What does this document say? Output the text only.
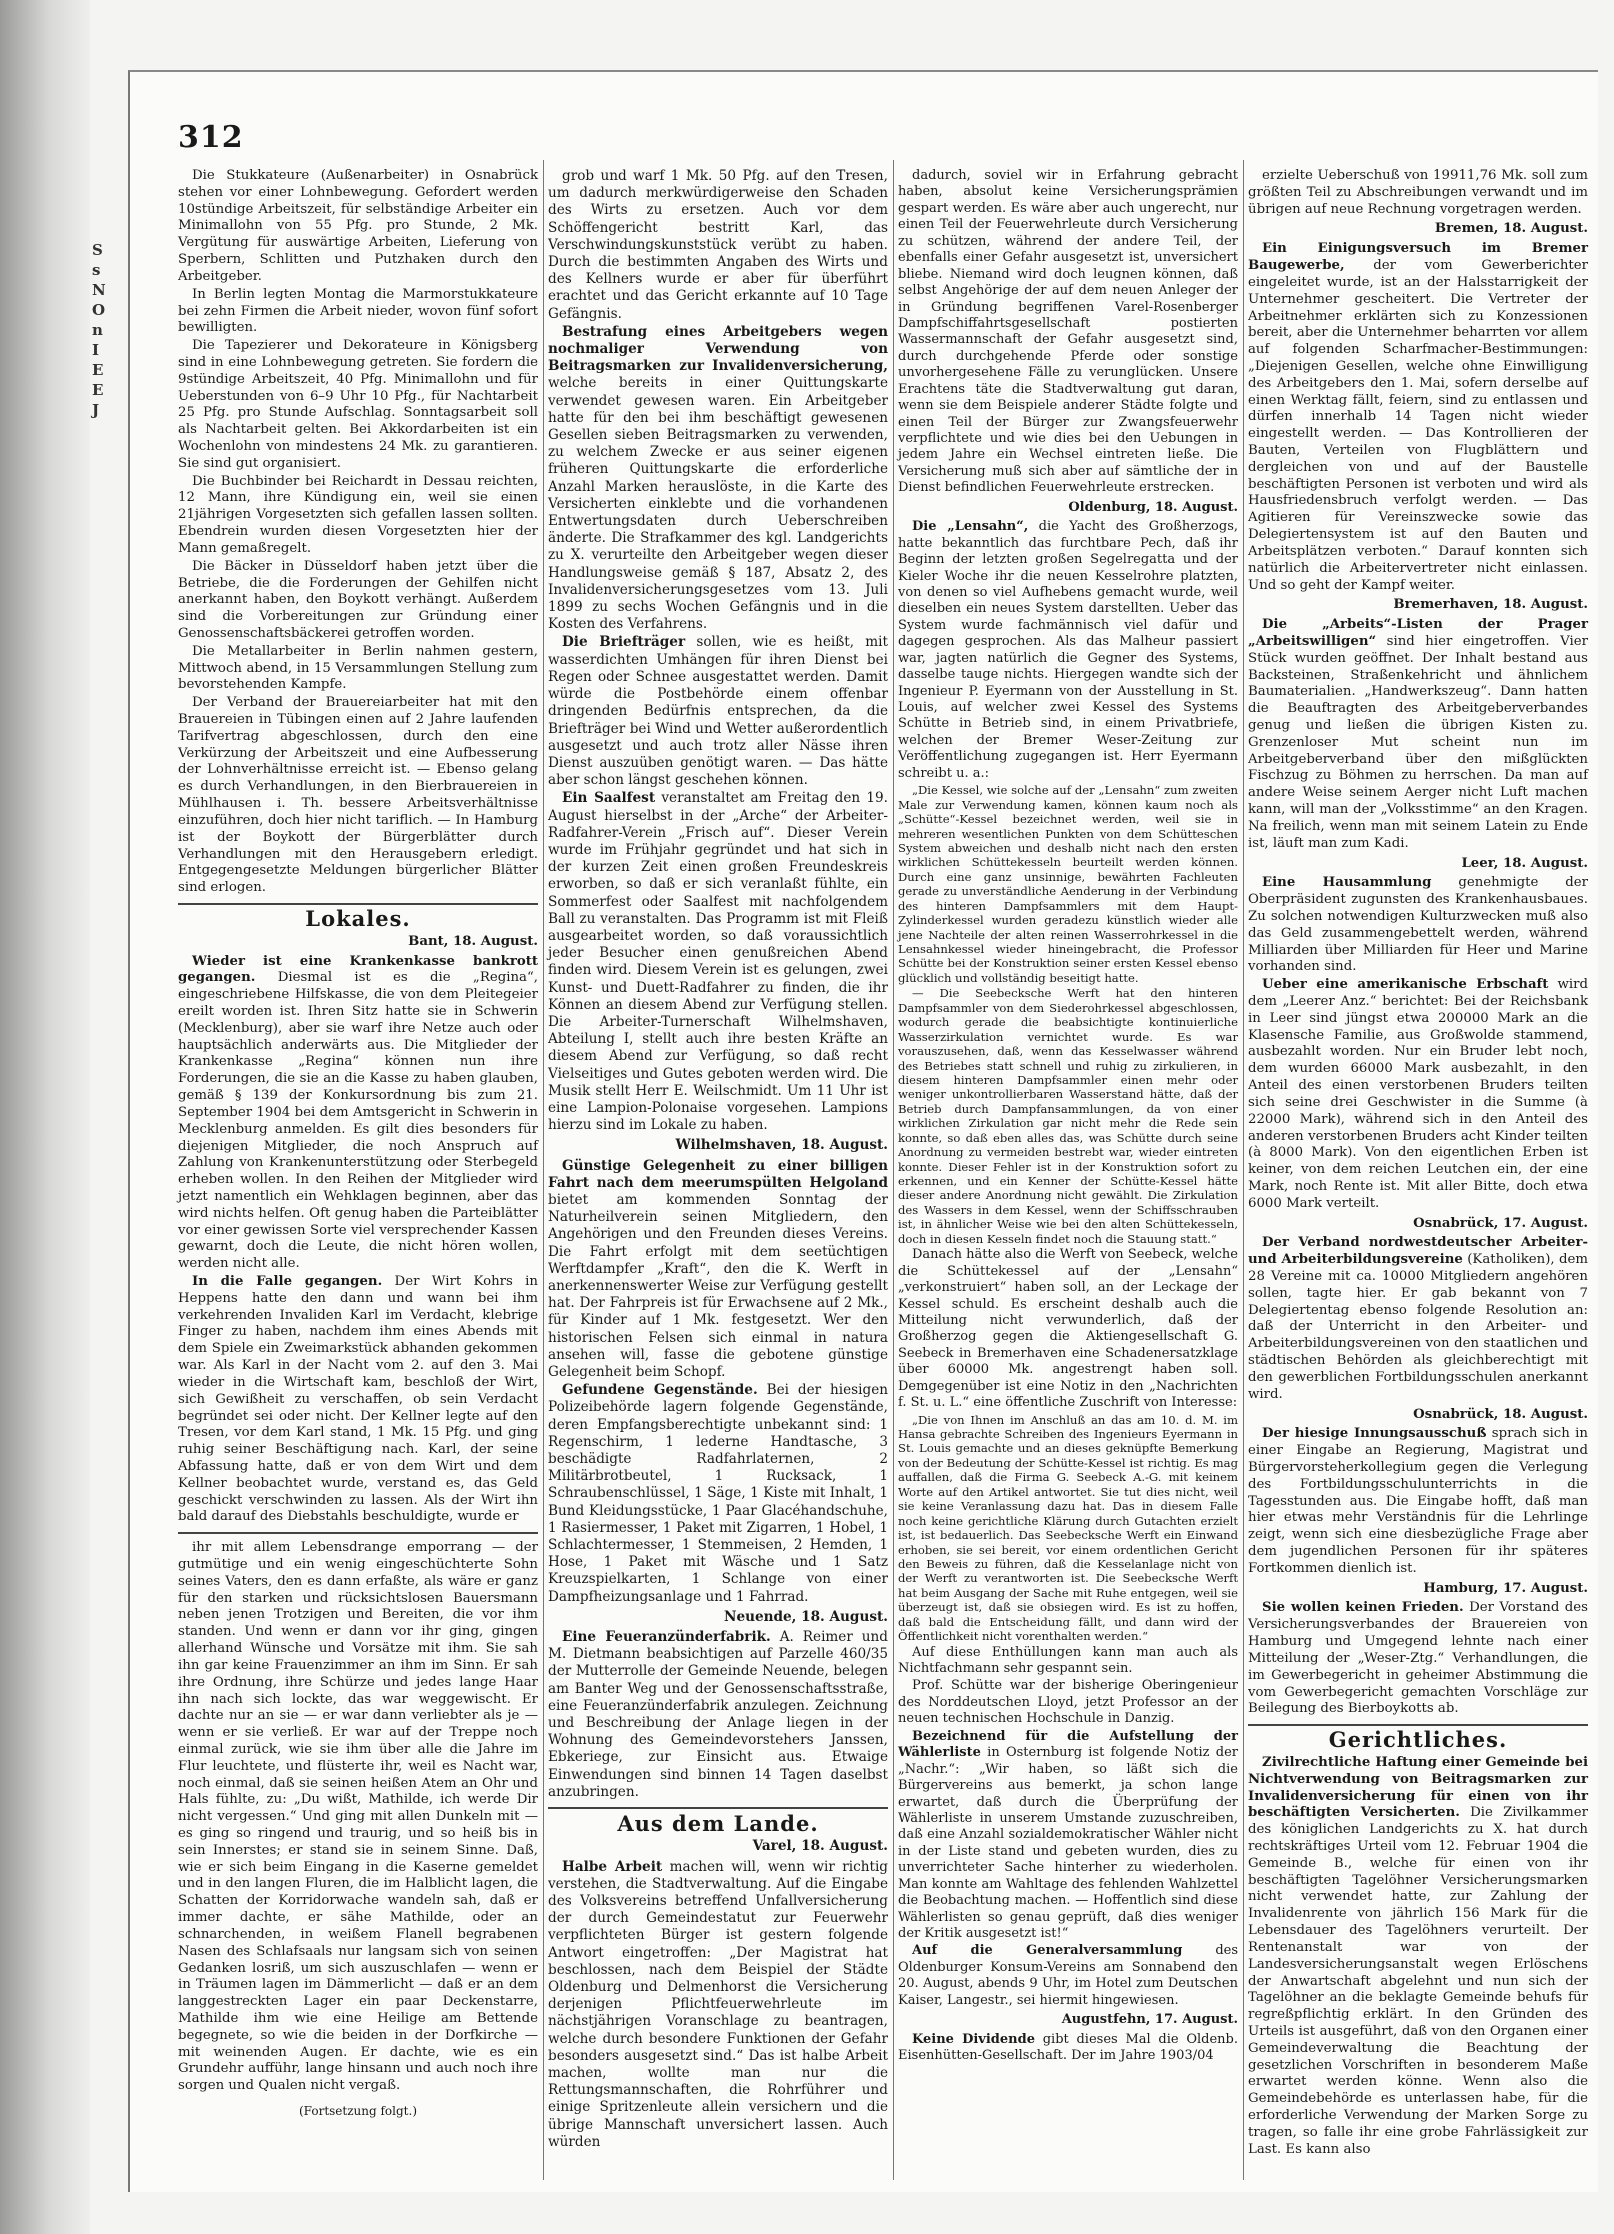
S
s
N
O
n
I
E
E
J
312

Die Stukkateure (Außenarbeiter) in Osnabrück stehen vor einer Lohnbewegung. Gefordert werden 10stündige Arbeitszeit, für selbständige Arbeiter ein Minimallohn von 55 Pfg. pro Stunde, 2 Mk. Vergütung für auswärtige Arbeiten, Lieferung von Sperbern, Schlitten und Putzhaken durch den Arbeitgeber.

In Berlin legten Montag die Marmorstukkateure bei zehn Firmen die Arbeit nieder, wovon fünf sofort bewilligten.

Die Tapezierer und Dekorateure in Königsberg sind in eine Lohnbewegung getreten. Sie fordern die 9stündige Arbeitszeit, 40 Pfg. Minimallohn und für Ueberstunden von 6–9 Uhr 10 Pfg., für Nachtarbeit 25 Pfg. pro Stunde Aufschlag. Sonntagsarbeit soll als Nachtarbeit gelten. Bei Akkordarbeiten ist ein Wochenlohn von mindestens 24 Mk. zu garantieren. Sie sind gut organisiert.

Die Buchbinder bei Reichardt in Dessau reichten, 12 Mann, ihre Kündigung ein, weil sie einen 21jährigen Vorgesetzten sich gefallen lassen sollten. Ebendrein wurden diesen Vorgesetzten hier der Mann gemaßregelt.

Die Bäcker in Düsseldorf haben jetzt über die Betriebe, die die Forderungen der Gehilfen nicht anerkannt haben, den Boykott verhängt. Außerdem sind die Vorbereitungen zur Gründung einer Genossenschaftsbäckerei getroffen worden.

Die Metallarbeiter in Berlin nahmen gestern, Mittwoch abend, in 15 Versammlungen Stellung zum bevorstehenden Kampfe.

Der Verband der Brauereiarbeiter hat mit den Brauereien in Tübingen einen auf 2 Jahre laufenden Tarifvertrag abgeschlossen, durch den eine Verkürzung der Arbeitszeit und eine Aufbesserung der Lohnverhältnisse erreicht ist. — Ebenso gelang es durch Verhandlungen, in den Bierbrauereien in Mühlhausen i. Th. bessere Arbeitsverhältnisse einzuführen, doch hier nicht tariflich. — In Hamburg ist der Boykott der Bürgerblätter durch Verhandlungen mit den Herausgebern erledigt. Entgegengesetzte Meldungen bürgerlicher Blätter sind erlogen.

Lokales.
Bant, 18. August.

Wieder ist eine Krankenkasse bankrott gegangen. Diesmal ist es die „Regina“, eingeschriebene Hilfskasse, die von dem Pleitegeier ereilt worden ist. Ihren Sitz hatte sie in Schwerin (Mecklenburg), aber sie warf ihre Netze auch oder hauptsächlich anderwärts aus. Die Mitglieder der Krankenkasse „Regina“ können nun ihre Forderungen, die sie an die Kasse zu haben glauben, gemäß § 139 der Konkursordnung bis zum 21. September 1904 bei dem Amtsgericht in Schwerin in Mecklenburg anmelden. Es gilt dies besonders für diejenigen Mitglieder, die noch Anspruch auf Zahlung von Krankenunterstützung oder Sterbegeld erheben wollen. In den Reihen der Mitglieder wird jetzt namentlich ein Wehklagen beginnen, aber das wird nichts helfen. Oft genug haben die Parteiblätter vor einer gewissen Sorte viel versprechender Kassen gewarnt, doch die Leute, die nicht hören wollen, werden nicht alle.

In die Falle gegangen. Der Wirt Kohrs in Heppens hatte den dann und wann bei ihm verkehrenden Invaliden Karl im Verdacht, klebrige Finger zu haben, nachdem ihm eines Abends mit dem Spiele ein Zweimarkstück abhanden gekommen war. Als Karl in der Nacht vom 2. auf den 3. Mai wieder in die Wirtschaft kam, beschloß der Wirt, sich Gewißheit zu verschaffen, ob sein Verdacht begründet sei oder nicht. Der Kellner legte auf den Tresen, vor dem Karl stand, 1 Mk. 15 Pfg. und ging ruhig seiner Beschäftigung nach. Karl, der seine Abfassung hatte, daß er von dem Wirt und dem Kellner beobachtet wurde, verstand es, das Geld geschickt verschwinden zu lassen. Als der Wirt ihn bald darauf des Diebstahls beschuldigte, wurde er

ihr mit allem Lebensdrange emporrang — der gutmütige und ein wenig eingeschüchterte Sohn seines Vaters, den es dann erfaßte, als wäre er ganz für den starken und rücksichtslosen Bauersmann neben jenen Trotzigen und Bereiten, die vor ihm standen. Und wenn er dann vor ihr ging, gingen allerhand Wünsche und Vorsätze mit ihm. Sie sah ihn gar keine Frauenzimmer an ihm im Sinn. Er sah ihre Ordnung, ihre Schürze und jedes lange Haar ihn nach sich lockte, das war weggewischt. Er dachte nur an sie — er war dann verliebter als je — wenn er sie verließ. Er war auf der Treppe noch einmal zurück, wie sie ihm über alle die Jahre im Flur leuchtete, und flüsterte ihr, weil es Nacht war, noch einmal, daß sie seinen heißen Atem an Ohr und Hals fühlte, zu: „Du wißt, Mathilde, ich werde Dir nicht vergessen.“ Und ging mit allen Dunkeln mit — es ging so ringend und traurig, und so heiß bis in sein Innerstes; er stand sie in seinem Sinne. Daß, wie er sich beim Eingang in die Kaserne gemeldet und in den langen Fluren, die im Halblicht lagen, die Schatten der Korridorwache wandeln sah, daß er immer dachte, er sähe Mathilde, oder an schnarchenden, in weißem Flanell begrabenen Nasen des Schlafsaals nur langsam sich von seinen Gedanken losriß, um sich auszuschlafen — wenn er in Träumen lagen im Dämmerlicht — daß er an dem langgestreckten Lager ein paar Deckenstarre, Mathilde ihm wie eine Heilige am Bettende begegnete, so wie die beiden in der Dorfkirche — mit weinenden Augen. Er dachte, wie es ein Grundehr aufführ, lange hinsann und auch noch ihre sorgen und Qualen nicht vergaß.

(Fortsetzung folgt.)

grob und warf 1 Mk. 50 Pfg. auf den Tresen, um dadurch merkwürdigerweise den Schaden des Wirts zu ersetzen. Auch vor dem Schöffengericht bestritt Karl, das Verschwindungskunststück verübt zu haben. Durch die bestimmten Angaben des Wirts und des Kellners wurde er aber für überführt erachtet und das Gericht erkannte auf 10 Tage Gefängnis.

Bestrafung eines Arbeitgebers wegen nochmaliger Verwendung von Beitragsmarken zur Invalidenversicherung, welche bereits in einer Quittungskarte verwendet gewesen waren. Ein Arbeitgeber hatte für den bei ihm beschäftigt gewesenen Gesellen sieben Beitragsmarken zu verwenden, zu welchem Zwecke er aus seiner eigenen früheren Quittungskarte die erforderliche Anzahl Marken herauslöste, in die Karte des Versicherten einklebte und die vorhandenen Entwertungsdaten durch Ueberschreiben änderte. Die Strafkammer des kgl. Landgerichts zu X. verurteilte den Arbeitgeber wegen dieser Handlungsweise gemäß § 187, Absatz 2, des Invalidenversicherungsgesetzes vom 13. Juli 1899 zu sechs Wochen Gefängnis und in die Kosten des Verfahrens.

Die Briefträger sollen, wie es heißt, mit wasserdichten Umhängen für ihren Dienst bei Regen oder Schnee ausgestattet werden. Damit würde die Postbehörde einem offenbar dringenden Bedürfnis entsprechen, da die Briefträger bei Wind und Wetter außerordentlich ausgesetzt und auch trotz aller Nässe ihren Dienst auszuüben genötigt waren. — Das hätte aber schon längst geschehen können.

Ein Saalfest veranstaltet am Freitag den 19. August hierselbst in der „Arche“ der Arbeiter-Radfahrer-Verein „Frisch auf“. Dieser Verein wurde im Frühjahr gegründet und hat sich in der kurzen Zeit einen großen Freundeskreis erworben, so daß er sich veranlaßt fühlte, ein Sommerfest oder Saalfest mit nachfolgendem Ball zu veranstalten. Das Programm ist mit Fleiß ausgearbeitet worden, so daß voraussichtlich jeder Besucher einen genußreichen Abend finden wird. Diesem Verein ist es gelungen, zwei Kunst- und Duett-Radfahrer zu finden, die ihr Können an diesem Abend zur Verfügung stellen. Die Arbeiter-Turnerschaft Wilhelmshaven, Abteilung I, stellt auch ihre besten Kräfte an diesem Abend zur Verfügung, so daß recht Vielseitiges und Gutes geboten werden wird. Die Musik stellt Herr E. Weilschmidt. Um 11 Uhr ist eine Lampion-Polonaise vorgesehen. Lampions hierzu sind im Lokale zu haben.

Wilhelmshaven, 18. August.

Günstige Gelegenheit zu einer billigen Fahrt nach dem meerumspülten Helgoland bietet am kommenden Sonntag der Naturheilverein seinen Mitgliedern, den Angehörigen und den Freunden dieses Vereins. Die Fahrt erfolgt mit dem seetüchtigen Werftdampfer „Kraft“, den die K. Werft in anerkennenswerter Weise zur Verfügung gestellt hat. Der Fahrpreis ist für Erwachsene auf 2 Mk., für Kinder auf 1 Mk. festgesetzt. Wer den historischen Felsen sich einmal in natura ansehen will, fasse die gebotene günstige Gelegenheit beim Schopf.

Gefundene Gegenstände. Bei der hiesigen Polizeibehörde lagern folgende Gegenstände, deren Empfangsberechtigte unbekannt sind: 1 Regenschirm, 1 lederne Handtasche, 3 beschädigte Radfahrlaternen, 2 Militärbrotbeutel, 1 Rucksack, 1 Schraubenschlüssel, 1 Säge, 1 Kiste mit Inhalt, 1 Bund Kleidungsstücke, 1 Paar Glacéhandschuhe, 1 Rasiermesser, 1 Paket mit Zigarren, 1 Hobel, 1 Schlachtermesser, 1 Stemmeisen, 2 Hemden, 1 Hose, 1 Paket mit Wäsche und 1 Satz Kreuzspielkarten, 1 Schlange von einer Dampfheizungsanlage und 1 Fahrrad.

Neuende, 18. August.

Eine Feueranzünderfabrik. A. Reimer und M. Dietmann beabsichtigen auf Parzelle 460/35 der Mutterrolle der Gemeinde Neuende, belegen am Banter Weg und der Genossenschaftsstraße, eine Feueranzünderfabrik anzulegen. Zeichnung und Beschreibung der Anlage liegen in der Wohnung des Gemeindevorstehers Janssen, Ebkeriege, zur Einsicht aus. Etwaige Einwendungen sind binnen 14 Tagen daselbst anzubringen.

Aus dem Lande.
Varel, 18. August.

Halbe Arbeit machen will, wenn wir richtig verstehen, die Stadtverwaltung. Auf die Eingabe des Volksvereins betreffend Unfallversicherung der durch Gemeindestatut zur Feuerwehr verpflichteten Bürger ist gestern folgende Antwort eingetroffen: „Der Magistrat hat beschlossen, nach dem Beispiel der Städte Oldenburg und Delmenhorst die Versicherung derjenigen Pflichtfeuerwehrleute im nächstjährigen Voranschlage zu beantragen, welche durch besondere Funktionen der Gefahr besonders ausgesetzt sind.“ Das ist halbe Arbeit machen, wollte man nur die Rettungsmannschaften, die Rohrführer und einige Spritzenleute allein versichern und die übrige Mannschaft unversichert lassen. Auch würden

dadurch, soviel wir in Erfahrung gebracht haben, absolut keine Versicherungsprämien gespart werden. Es wäre aber auch ungerecht, nur einen Teil der Feuerwehrleute durch Versicherung zu schützen, während der andere Teil, der ebenfalls einer Gefahr ausgesetzt ist, unversichert bliebe. Niemand wird doch leugnen können, daß selbst Angehörige der auf dem neuen Anleger der in Gründung begriffenen Varel-Rosenberger Dampfschiffahrtsgesellschaft postierten Wassermannschaft der Gefahr ausgesetzt sind, durch durchgehende Pferde oder sonstige unvorhergesehene Fälle zu verunglücken. Unsere Erachtens täte die Stadtverwaltung gut daran, wenn sie dem Beispiele anderer Städte folgte und einen Teil der Bürger zur Zwangsfeuerwehr verpflichtete und wie dies bei den Uebungen in jedem Jahre ein Wechsel eintreten ließe. Die Versicherung muß sich aber auf sämtliche der in Dienst befindlichen Feuerwehrleute erstrecken.

Oldenburg, 18. August.

Die „Lensahn“, die Yacht des Großherzogs, hatte bekanntlich das furchtbare Pech, daß ihr Beginn der letzten großen Segelregatta und der Kieler Woche ihr die neuen Kesselrohre platzten, von denen so viel Aufhebens gemacht wurde, weil dieselben ein neues System darstellten. Ueber das System wurde fachmännisch viel dafür und dagegen gesprochen. Als das Malheur passiert war, jagten natürlich die Gegner des Systems, dasselbe tauge nichts. Hiergegen wandte sich der Ingenieur P. Eyermann von der Ausstellung in St. Louis, auf welcher zwei Kessel des Systems Schütte in Betrieb sind, in einem Privatbriefe, welchen der Bremer Weser-Zeitung zur Veröffentlichung zugegangen ist. Herr Eyermann schreibt u. a.:

„Die Kessel, wie solche auf der „Lensahn“ zum zweiten Male zur Verwendung kamen, können kaum noch als „Schütte“-Kessel bezeichnet werden, weil sie in mehreren wesentlichen Punkten von dem Schütteschen System abweichen und deshalb nicht nach den ersten wirklichen Schüttekesseln beurteilt werden können. Durch eine ganz unsinnige, bewährten Fachleuten gerade zu unverständliche Aenderung in der Verbindung des hinteren Dampfsammlers mit dem Haupt-Zylinderkessel wurden geradezu künstlich wieder alle jene Nachteile der alten reinen Wasserrohrkessel in die Lensahnkessel wieder hineingebracht, die Professor Schütte bei der Konstruktion seiner ersten Kessel ebenso glücklich und vollständig beseitigt hatte.

— Die Seebecksche Werft hat den hinteren Dampfsammler von dem Siederohrkessel abgeschlossen, wodurch gerade die beabsichtigte kontinuierliche Wasserzirkulation vernichtet wurde. Es war vorauszusehen, daß, wenn das Kesselwasser während des Betriebes statt schnell und ruhig zu zirkulieren, in diesem hinteren Dampfsammler einen mehr oder weniger unkontrollierbaren Wasserstand hätte, daß der Betrieb durch Dampfansammlungen, da von einer wirklichen Zirkulation gar nicht mehr die Rede sein konnte, so daß eben alles das, was Schütte durch seine Anordnung zu vermeiden bestrebt war, wieder eintreten konnte. Dieser Fehler ist in der Konstruktion sofort zu erkennen, und ein Kenner der Schütte-Kessel hätte dieser andere Anordnung nicht gewählt. Die Zirkulation des Wassers in dem Kessel, wenn der Schiffsschrauben ist, in ähnlicher Weise wie bei den alten Schüttekesseln, doch in diesen Kesseln findet noch die Stauung statt.“

Danach hätte also die Werft von Seebeck, welche die Schüttekessel auf der „Lensahn“ „verkonstruiert“ haben soll, an der Leckage der Kessel schuld. Es erscheint deshalb auch die Mitteilung nicht verwunderlich, daß der Großherzog gegen die Aktiengesellschaft G. Seebeck in Bremerhaven eine Schadenersatzklage über 60000 Mk. angestrengt haben soll. Demgegenüber ist eine Notiz in den „Nachrichten f. St. u. L.“ eine öffentliche Zuschrift von Interesse:

„Die von Ihnen im Anschluß an das am 10. d. M. im Hansa gebrachte Schreiben des Ingenieurs Eyermann in St. Louis gemachte und an dieses geknüpfte Bemerkung von der Bedeutung der Schütte-Kessel ist richtig. Es mag auffallen, daß die Firma G. Seebeck A.-G. mit keinem Worte auf den Artikel antwortet. Sie tut dies nicht, weil sie keine Veranlassung dazu hat. Das in diesem Falle noch keine gerichtliche Klärung durch Gutachten erzielt ist, ist bedauerlich. Das Seebecksche Werft ein Einwand erhoben, sie sei bereit, vor einem ordentlichen Gericht den Beweis zu führen, daß die Kesselanlage nicht von der Werft zu verantworten ist. Die Seebecksche Werft hat beim Ausgang der Sache mit Ruhe entgegen, weil sie überzeugt ist, daß sie obsiegen wird. Es ist zu hoffen, daß bald die Entscheidung fällt, und dann wird der Öffentlichkeit nicht vorenthalten werden.“

Auf diese Enthüllungen kann man auch als Nichtfachmann sehr gespannt sein.

Prof. Schütte war der bisherige Oberingenieur des Norddeutschen Lloyd, jetzt Professor an der neuen technischen Hochschule in Danzig.

Bezeichnend für die Aufstellung der Wählerliste in Osternburg ist folgende Notiz der „Nachr.“: „Wir haben, so läßt sich die Bürgervereins aus bemerkt, ja schon lange erwartet, daß durch die Überprüfung der Wählerliste in unserem Umstande zuzuschreiben, daß eine Anzahl sozialdemokratischer Wähler nicht in der Liste stand und gebeten wurden, dies zu unverrichteter Sache hinterher zu wiederholen. Man konnte am Wahltage des fehlenden Wahlzettel die Beobachtung machen. — Hoffentlich sind diese Wählerlisten so genau geprüft, daß dies weniger der Kritik ausgesetzt ist!“

Auf die Generalversammlung	des Oldenburger Konsum-Vereins am Sonnabend den 20. August, abends 9 Uhr, im Hotel zum Deutschen Kaiser, Langestr., sei hiermit hingewiesen.

Augustfehn, 17. August.

Keine Dividende gibt dieses Mal die Oldenb. Eisenhütten-Gesellschaft. Der im Jahre 1903/04

erzielte Ueberschuß von 19911,76 Mk. soll zum größten Teil zu Abschreibungen verwandt und im übrigen auf neue Rechnung vorgetragen werden.

Bremen, 18. August.

Ein Einigungsversuch im Bremer Baugewerbe, der vom Gewerberichter eingeleitet wurde, ist an der Halsstarrigkeit der Unternehmer gescheitert. Die Vertreter der Arbeitnehmer erklärten sich zu Konzessionen bereit, aber die Unternehmer beharrten vor allem auf folgenden Scharfmacher-Bestimmungen: „Diejenigen Gesellen, welche ohne Einwilligung des Arbeitgebers den 1. Mai, sofern derselbe auf einen Werktag fällt, feiern, sind zu entlassen und dürfen innerhalb 14 Tagen nicht wieder eingestellt werden. — Das Kontrollieren der Bauten, Verteilen von Flugblättern und dergleichen von und auf der Baustelle beschäftigten Personen ist verboten und wird als Hausfriedensbruch verfolgt werden. — Das Agitieren für Vereinszwecke sowie das Delegiertensystem ist auf den Bauten und Arbeitsplätzen verboten.“ Darauf konnten sich natürlich die Arbeitervertreter nicht einlassen. Und so geht der Kampf weiter.

Bremerhaven, 18. August.

Die „Arbeits“-Listen der Prager „Arbeitswilligen“ sind hier eingetroffen. Vier Stück wurden geöffnet. Der Inhalt bestand aus Backsteinen, Straßenkehricht und ähnlichem Baumaterialien. „Handwerkszeug“. Dann hatten die Beauftragten des Arbeitgeberverbandes genug und ließen die übrigen Kisten zu. Grenzenloser Mut scheint nun im Arbeitgeberverband über den mißglückten Fischzug zu Böhmen zu herrschen. Da man auf andere Weise seinem Aerger nicht Luft machen kann, will man der „Volksstimme“ an den Kragen. Na freilich, wenn man mit seinem Latein zu Ende ist, läuft man zum Kadi.

Leer, 18. August.

Eine Hausammlung genehmigte der Oberpräsident zugunsten des Krankenhausbaues. Zu solchen notwendigen Kulturzwecken muß also das Geld zusammengebettelt werden, während Milliarden über Milliarden für Heer und Marine vorhanden sind.

Ueber eine amerikanische Erbschaft wird dem „Leerer Anz.“ berichtet: Bei der Reichsbank in Leer sind jüngst etwa 200000 Mark an die Klasensche Familie, aus Großwolde stammend, ausbezahlt worden. Nur ein Bruder lebt noch, dem wurden 66000 Mark ausbezahlt, in den Anteil des einen verstorbenen Bruders teilten sich seine drei Geschwister in die Summe (à 22000 Mark), während sich in den Anteil des anderen verstorbenen Bruders acht Kinder teilten (à 8000 Mark). Von den eigentlichen Erben ist keiner, von dem reichen Leutchen ein, der eine Mark, noch Rente ist. Mit aller Bitte, doch etwa 6000 Mark verteilt.

Osnabrück, 17. August.

Der Verband nordwestdeutscher Arbeiter- und Arbeiterbildungsvereine (Katholiken), dem 28 Vereine mit ca. 10000 Mitgliedern angehören sollen, tagte hier. Er gab bekannt von 7 Delegiertentag ebenso folgende Resolution an: daß der Unterricht in den Arbeiter- und Arbeiterbildungsvereinen von den staatlichen und städtischen Behörden als gleichberechtigt mit den gewerblichen Fortbildungsschulen anerkannt wird.

Osnabrück, 18. August.

Der hiesige Innungsausschuß sprach sich in einer Eingabe an Regierung, Magistrat und Bürgervorsteherkollegium gegen die Verlegung des Fortbildungsschulunterrichts in die Tagesstunden aus. Die Eingabe hofft, daß man hier etwas mehr Verständnis für die Lehrlinge zeigt, wenn sich eine diesbezügliche Frage aber dem jugendlichen Personen für ihr späteres Fortkommen dienlich ist.

Hamburg, 17. August.

Sie wollen keinen Frieden. Der Vorstand des Versicherungsverbandes der Brauereien von Hamburg und Umgegend lehnte nach einer Mitteilung der „Weser-Ztg.“ Verhandlungen, die im Gewerbegericht in geheimer Abstimmung die vom Gewerbegericht gemachten Vorschläge zur Beilegung des Bierboykotts ab.

Gerichtliches.

Zivilrechtliche Haftung einer Gemeinde bei Nichtverwendung von Beitragsmarken zur Invalidenversicherung für einen von ihr beschäftigten Versicherten. Die Zivilkammer des königlichen Landgerichts zu X. hat durch rechtskräftiges Urteil vom 12. Februar 1904 die Gemeinde B., welche für einen von ihr beschäftigten Tagelöhner Versicherungsmarken nicht verwendet hatte, zur Zahlung der Invalidenrente von jährlich 156 Mark für die Lebensdauer des Tagelöhners verurteilt. Der Rentenanstalt war von der Landesversicherungsanstalt wegen Erlöschens der Anwartschaft abgelehnt und nun sich der Tagelöhner an die beklagte Gemeinde behufs für regreßpflichtig erklärt. In den Gründen des Urteils ist ausgeführt, daß von den Organen einer Gemeindeverwaltung die Beachtung der gesetzlichen Vorschriften in besonderem Maße erwartet werden könne. Wenn also die Gemeindebehörde es unterlassen habe, für die erforderliche Verwendung der Marken Sorge zu tragen, so falle ihr eine grobe Fahrlässigkeit zur Last. Es kann also
